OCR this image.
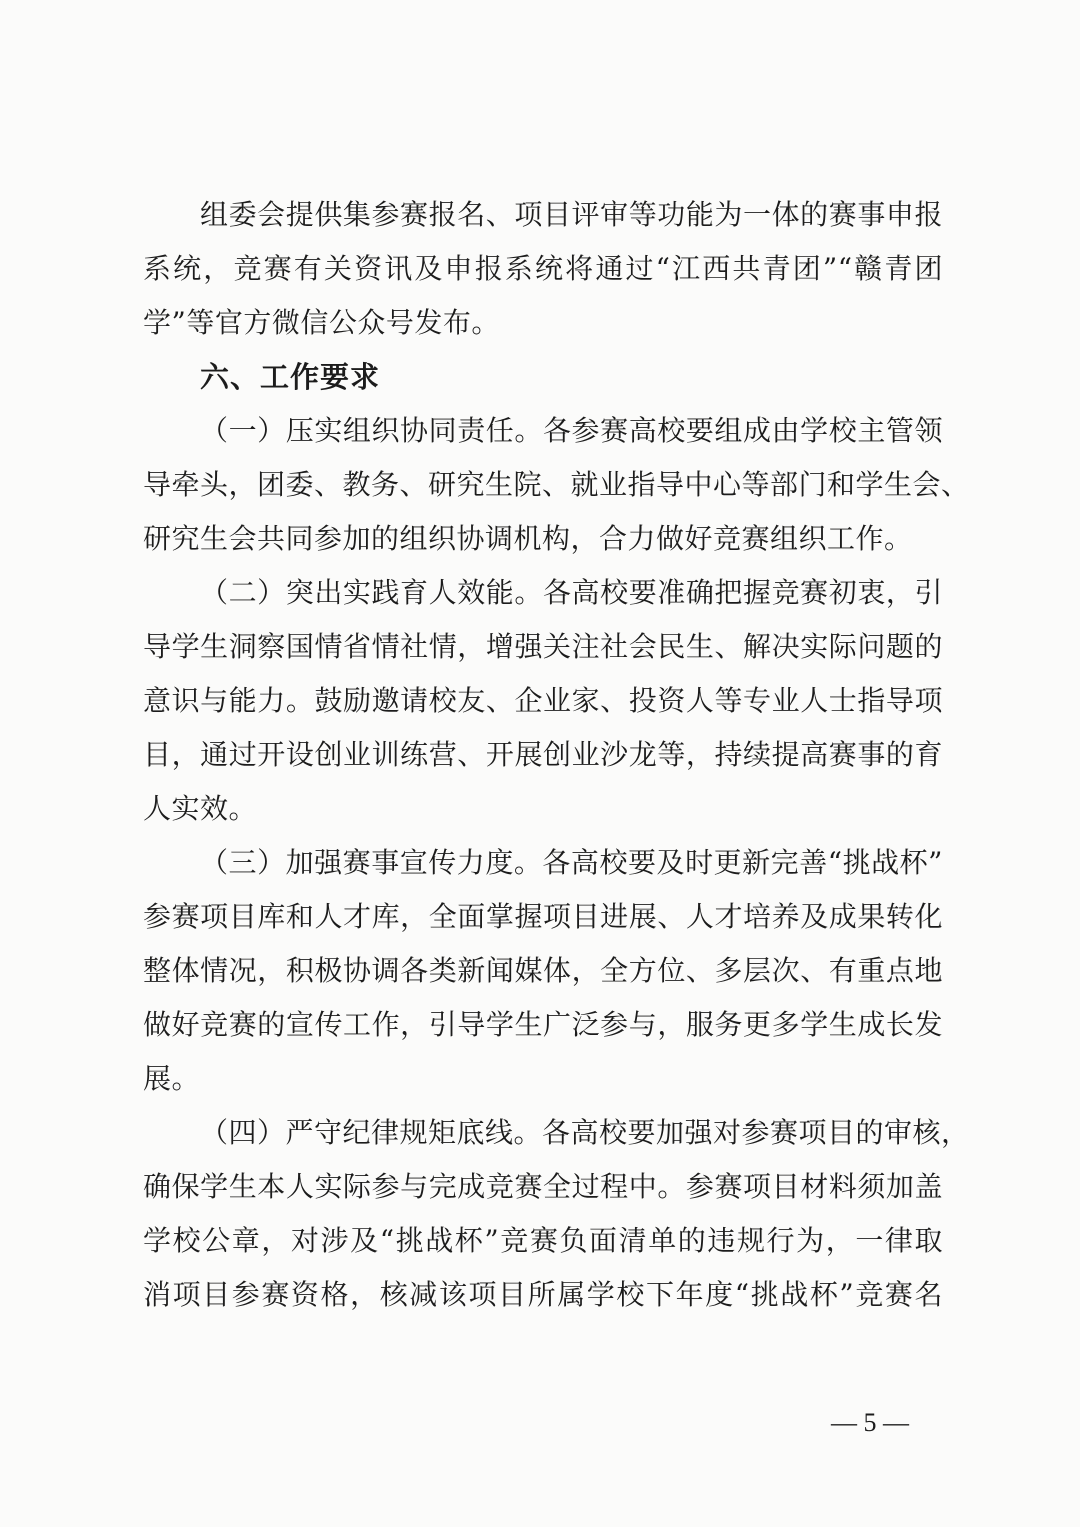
组委会提供集参赛报名、项目评审等功能为一体的赛事申报
系统，竞赛有关资讯及申报系统将通过“江西共青团”“赣青团
学”等官方微信公众号发布。
六、工作要求
（一）压实组织协同责任。各参赛高校要组成由学校主管领
导牵头，团委、教务、研究生院、就业指导中心等部门和学生会、
研究生会共同参加的组织协调机构，合力做好竞赛组织工作。
（二）突出实践育人效能。各高校要准确把握竞赛初衷，引
导学生洞察国情省情社情，增强关注社会民生、解决实际问题的
意识与能力。鼓励邀请校友、企业家、投资人等专业人士指导项
目，通过开设创业训练营、开展创业沙龙等，持续提高赛事的育
人实效。
（三）加强赛事宣传力度。各高校要及时更新完善“挑战杯”
参赛项目库和人才库，全面掌握项目进展、人才培养及成果转化
整体情况，积极协调各类新闻媒体，全方位、多层次、有重点地
做好竞赛的宣传工作，引导学生广泛参与，服务更多学生成长发
展。
（四）严守纪律规矩底线。各高校要加强对参赛项目的审核，
确保学生本人实际参与完成竞赛全过程中。参赛项目材料须加盖
学校公章，对涉及“挑战杯”竞赛负面清单的违规行为，一律取
消项目参赛资格，核减该项目所属学校下年度“挑战杯”竞赛名
— 5 —
